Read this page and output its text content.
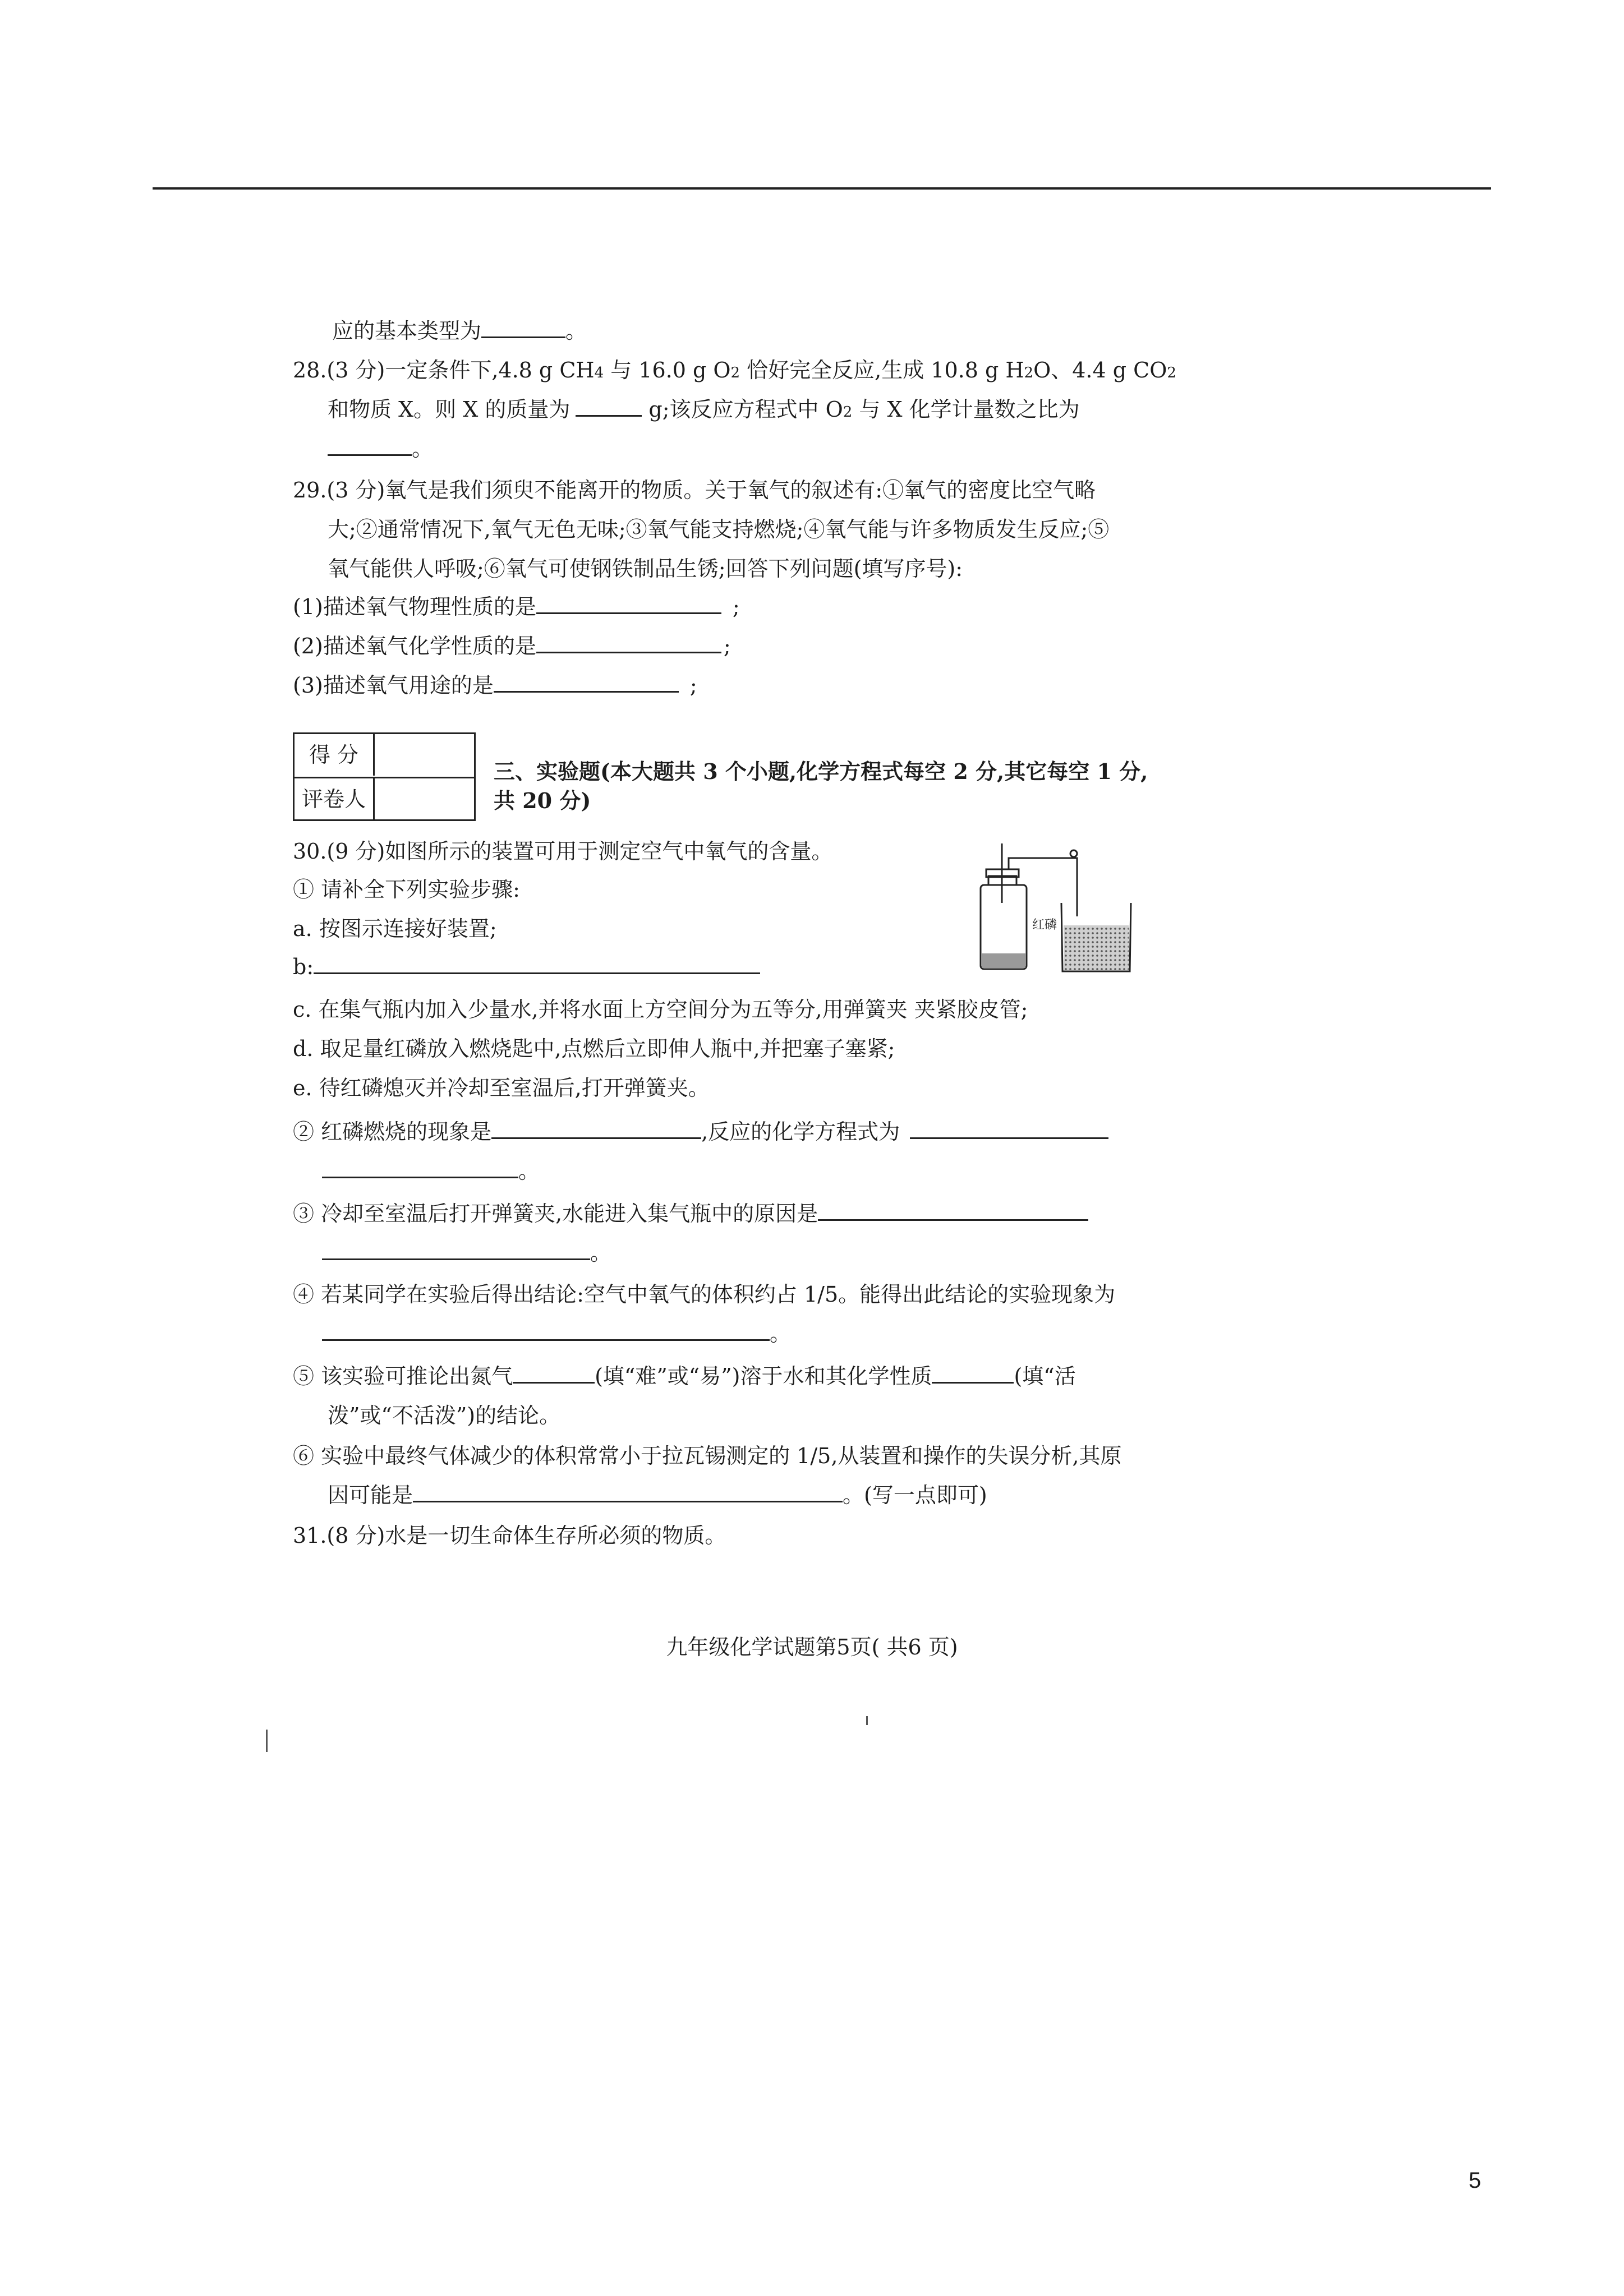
应的基本类型为	。
28.(3 分)一定条件下,4.8 g CH4 与 16.0 g O2 恰好完全反应,生成 10.8 g H2O、4.4 g CO2
和物质 X。则 X 的质量为	g;该反应方程式中 O2 与 X 化学计量数之比为
。
29.(3 分)氧气是我们须臾不能离开的物质。关于氧气的叙述有:①氧气的密度比空气略
大;②通常情况下,氧气无色无味;③氧气能支持燃烧;④氧气能与许多物质发生反应;⑤
氧气能供人呼吸;⑥氧气可使钢铁制品生锈;回答下列问题(填写序号):
(1)描述氧气物理性质的是	;
(2)描述氧气化学性质的是	;
(3)描述氧气用途的是	;
得 分
评卷人
三、实验题(本大题共 3 个小题,化学方程式每空 2 分,其它每空 1 分,
共 20 分)
30.(9 分)如图所示的装置可用于测定空气中氧气的含量。
① 请补全下列实验步骤:
a. 按图示连接好装置;
b:
c. 在集气瓶内加入少量水,并将水面上方空间分为五等分,用弹簧夹 夹紧胶皮管;
d. 取足量红磷放入燃烧匙中,点燃后立即伸人瓶中,并把塞子塞紧;
e. 待红磷熄灭并冷却至室温后,打开弹簧夹。
② 红磷燃烧的现象是	,反应的化学方程式为
。
③ 冷却至室温后打开弹簧夹,水能进入集气瓶中的原因是
。
④ 若某同学在实验后得出结论:空气中氧气的体积约占 1/5。能得出此结论的实验现象为
。
⑤ 该实验可推论出氮气	(填“难”或“易”)溶于水和其化学性质	(填“活
泼”或“不活泼”)的结论。
⑥ 实验中最终气体减少的体积常常小于拉瓦锡测定的 1/5,从装置和操作的失误分析,其原
因可能是	。(写一点即可)
31.(8 分)水是一切生命体生存所必须的物质。
红磷
九年级化学试题第5页( 共6 页)
5
